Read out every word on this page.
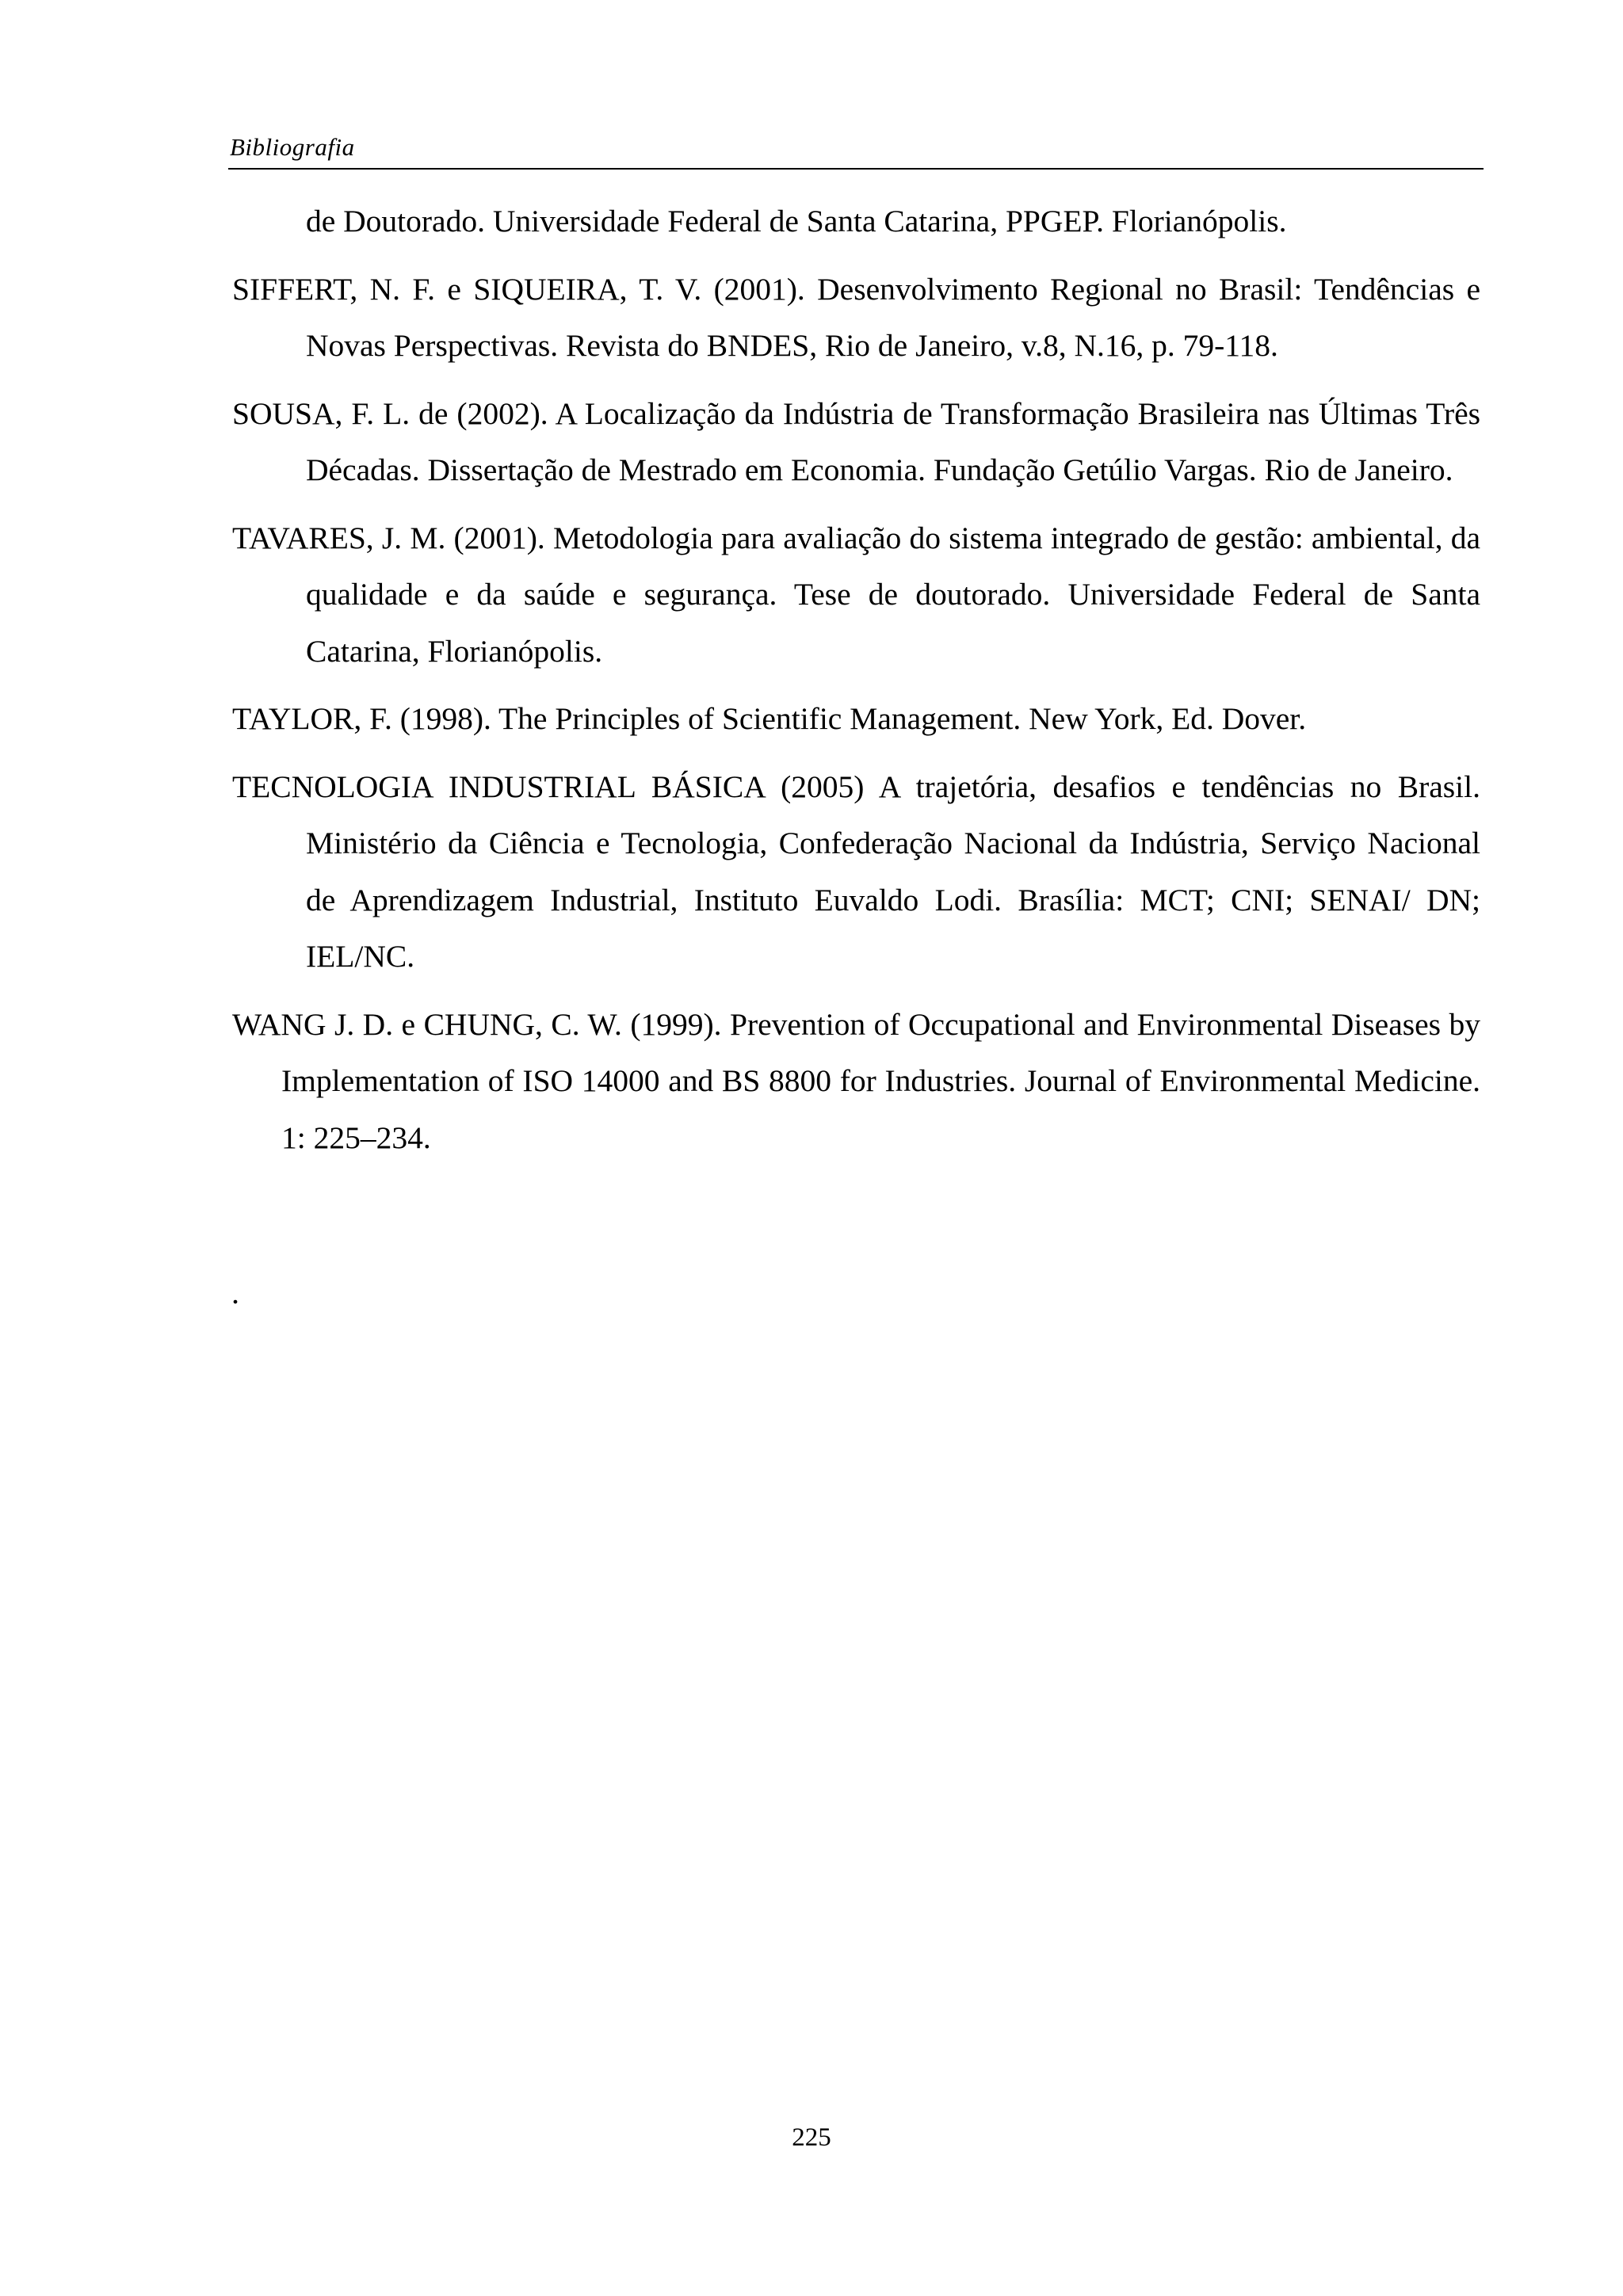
Bibliografia

de Doutorado. Universidade Federal de Santa Catarina, PPGEP. Florianópolis.

SIFFERT, N. F. e SIQUEIRA, T. V. (2001). Desenvolvimento Regional no Brasil: Tendências e Novas Perspectivas. Revista do BNDES, Rio de Janeiro, v.8, N.16, p. 79-118.

SOUSA, F. L. de (2002). A Localização da Indústria de Transformação Brasileira nas Últimas Três Décadas. Dissertação de Mestrado em Economia. Fundação Getúlio Vargas. Rio de Janeiro.

TAVARES, J. M. (2001). Metodologia para avaliação do sistema integrado de gestão: ambiental, da qualidade e da saúde e segurança. Tese de doutorado. Universidade Federal de Santa Catarina, Florianópolis.

TAYLOR, F. (1998). The Principles of Scientific Management. New York, Ed. Dover.

TECNOLOGIA INDUSTRIAL BÁSICA (2005) A trajetória, desafios e tendências no Brasil. Ministério da Ciência e Tecnologia, Confederação Nacional da Indústria, Serviço Nacional de Aprendizagem Industrial, Instituto Euvaldo Lodi. Brasília: MCT; CNI; SENAI/ DN; IEL/NC.

WANG J. D. e CHUNG, C. W. (1999). Prevention of Occupational and Environmental Diseases by Implementation of ISO 14000 and BS 8800 for Industries. Journal of Environmental Medicine. 1: 225–234.

.
225
